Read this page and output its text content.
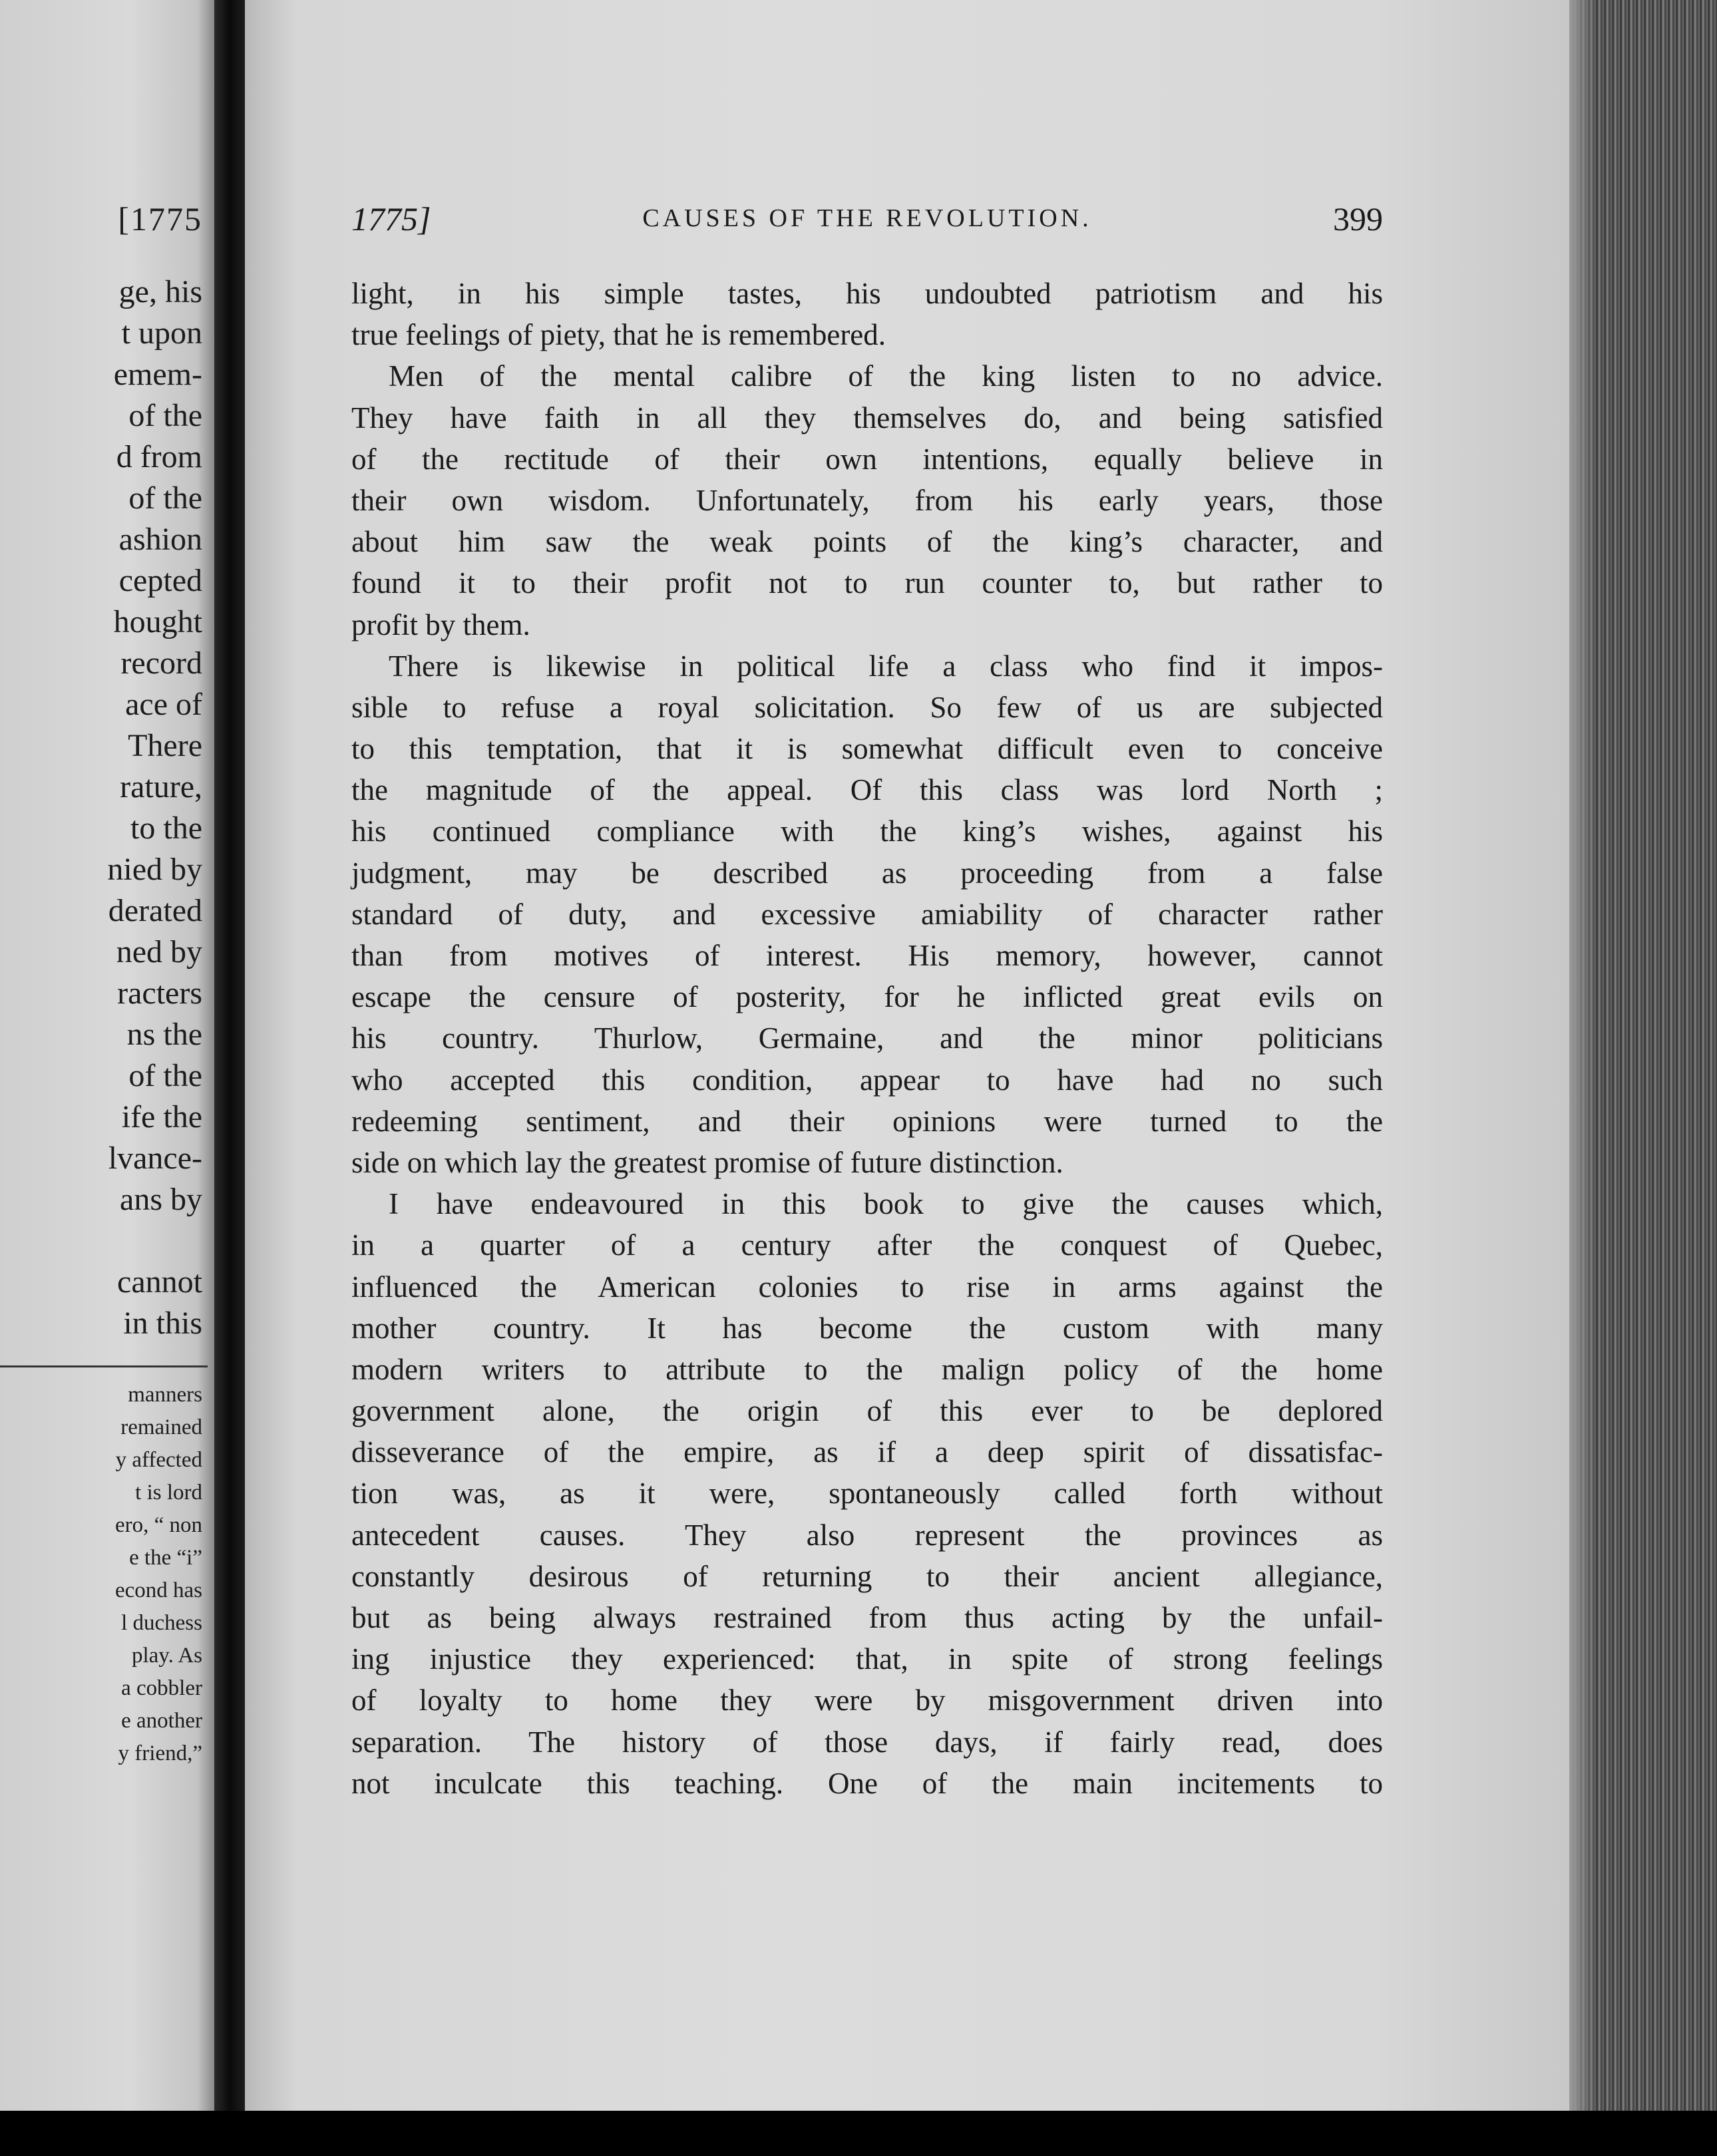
[1775
ge, his
t upon
emem-
of the
d from
of the
ashion
cepted
hought
record
ace of
There
rature,
to the
nied by
derated
ned by
racters
ns the
of the
ife the
lvance-
ans by
cannot
in this
manners
remained
y affected
t is lord
ero, “ non
e the “i”
econd has
l duchess
play. As
a cobbler
e another
y friend,”
1775]	CAUSES OF THE REVOLUTION.	399
light, in his simple tastes, his undoubted patriotism and his
true feelings of piety, that he is remembered.
Men of the mental calibre of the king listen to no advice.
They have faith in all they themselves do, and being satisfied
of the rectitude of their own intentions, equally believe in
their own wisdom. Unfortunately, from his early years, those
about him saw the weak points of the king’s character, and
found it to their profit not to run counter to, but rather to
profit by them.
There is likewise in political life a class who find it impos-
sible to refuse a royal solicitation. So few of us are subjected
to this temptation, that it is somewhat difficult even to conceive
the magnitude of the appeal. Of this class was lord North ;
his continued compliance with the king’s wishes, against his
judgment, may be described as proceeding from a false
standard of duty, and excessive amiability of character rather
than from motives of interest. His memory, however, cannot
escape the censure of posterity, for he inflicted great evils on
his country. Thurlow, Germaine, and the minor politicians
who accepted this condition, appear to have had no such
redeeming sentiment, and their opinions were turned to the
side on which lay the greatest promise of future distinction.
I have endeavoured in this book to give the causes which,
in a quarter of a century after the conquest of Quebec,
influenced the American colonies to rise in arms against the
mother country. It has become the custom with many
modern writers to attribute to the malign policy of the home
government alone, the origin of this ever to be deplored
disseverance of the empire, as if a deep spirit of dissatisfac-
tion was, as it were, spontaneously called forth without
antecedent causes. They also represent the provinces as
constantly desirous of returning to their ancient allegiance,
but as being always restrained from thus acting by the unfail-
ing injustice they experienced: that, in spite of strong feelings
of loyalty to home they were by misgovernment driven into
separation. The history of those days, if fairly read, does
not inculcate this teaching. One of the main incitements to
